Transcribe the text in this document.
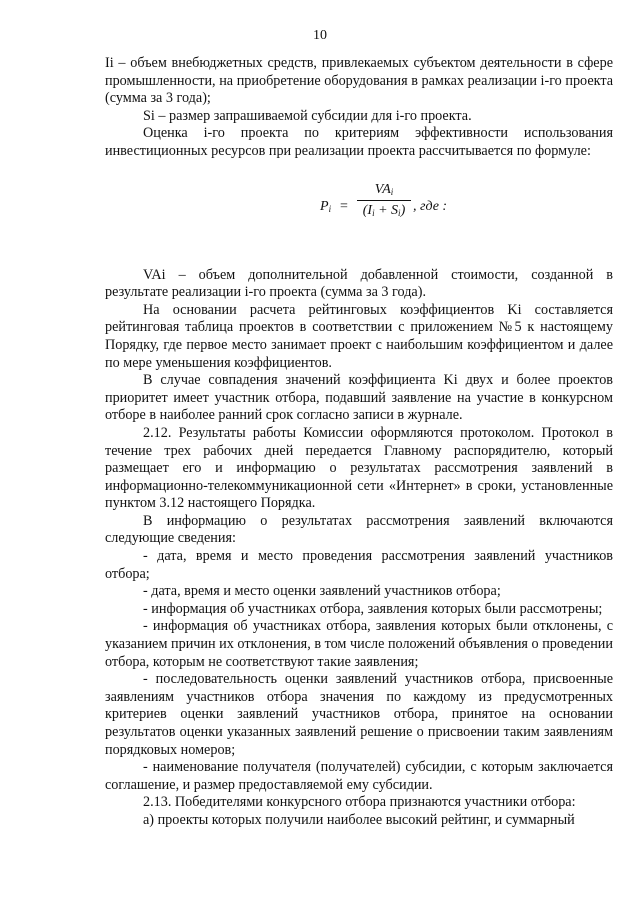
10

Ii – объем внебюджетных средств, привлекаемых субъектом деятельности в сфере промышленности, на приобретение оборудования в рамках реализации i-го проекта (сумма за 3 года);

Si – размер запрашиваемой субсидии для i-го проекта.

Оценка i-го проекта по критериям эффективности использования инвестиционных ресурсов при реализации проекта рассчитывается по формуле:

$P_i$ =
$VA_i$
$(I_i + S_i)$ , где :

VAi – объем дополнительной добавленной стоимости, созданной в результате реализации i-го проекта (сумма за 3 года).

На основании расчета рейтинговых коэффициентов Ki составляется рейтинговая таблица проектов в соответствии с приложением №5 к настоящему Порядку, где первое место занимает проект с наибольшим коэффициентом и далее по мере уменьшения коэффициентов.

В случае совпадения значений коэффициента Ki двух и более проектов приоритет имеет участник отбора, подавший заявление на участие в конкурсном отборе в наиболее ранний срок согласно записи в журнале.

2.12. Результаты работы Комиссии оформляются протоколом. Протокол в течение трех рабочих дней передается Главному распорядителю, который размещает его и информацию о результатах рассмотрения заявлений в информационно-телекоммуникационной сети «Интернет» в сроки, установленные пунктом 3.12 настоящего Порядка.

В информацию о результатах рассмотрения заявлений включаются следующие сведения:

- дата, время и место проведения рассмотрения заявлений участников отбора;

- дата, время и место оценки заявлений участников отбора;

- информация об участниках отбора, заявления которых были рассмотрены;

- информация об участниках отбора, заявления которых были отклонены, с указанием причин их отклонения, в том числе положений объявления о проведении отбора, которым не соответствуют такие заявления;

- последовательность оценки заявлений участников отбора, присвоенные заявлениям участников отбора значения по каждому из предусмотренных критериев оценки заявлений участников отбора, принятое на основании результатов оценки указанных заявлений решение о присвоении таким заявлениям порядковых номеров;

- наименование получателя (получателей) субсидии, с которым заключается соглашение, и размер предоставляемой ему субсидии.

2.13. Победителями конкурсного отбора признаются участники отбора:

а) проекты которых получили наиболее высокий рейтинг, и суммарный
